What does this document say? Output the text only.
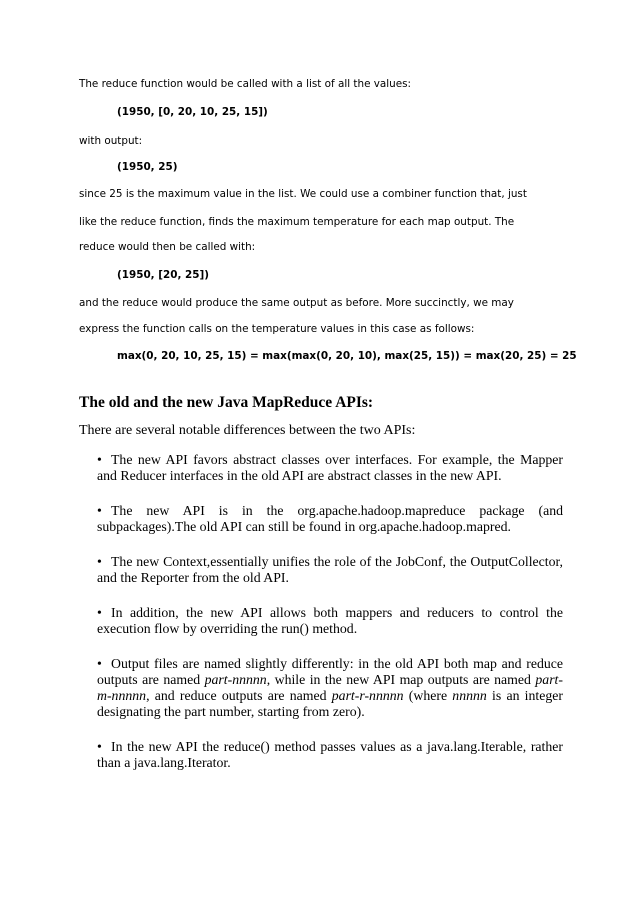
The reduce function would be called with a list of all the values:
(1950, [0, 20, 10, 25, 15])
with output:
(1950, 25)
since 25 is the maximum value in the list. We could use a combiner function that, just
like the reduce function, finds the maximum temperature for each map output. The
reduce would then be called with:
(1950, [20, 25])
and the reduce would produce the same output as before. More succinctly, we may
express the function calls on the temperature values in this case as follows:
max(0, 20, 10, 25, 15) = max(max(0, 20, 10), max(25, 15)) = max(20, 25) = 25
The old and the new Java MapReduce APIs:
There are several notable differences between the two APIs:
• The new API favors abstract classes over interfaces. For example, the Mapper and Reducer interfaces in the old API are abstract classes in the new API.
• The new API is in the org.apache.hadoop.mapreduce package (and subpackages).The old API can still be found in org.apache.hadoop.mapred.
• The new Context,essentially unifies the role of the JobConf, the OutputCollector, and the Reporter from the old API.
• In addition, the new API allows both mappers and reducers to control the execution flow by overriding the run() method.
• Output files are named slightly differently: in the old API both map and reduce outputs are named part-nnnnn, while in the new API map outputs are named part-m-nnnnn, and reduce outputs are named part-r-nnnnn (where nnnnn is an integer designating the part number, starting from zero).
• In the new API the reduce() method passes values as a java.lang.Iterable, rather than a java.lang.Iterator.
